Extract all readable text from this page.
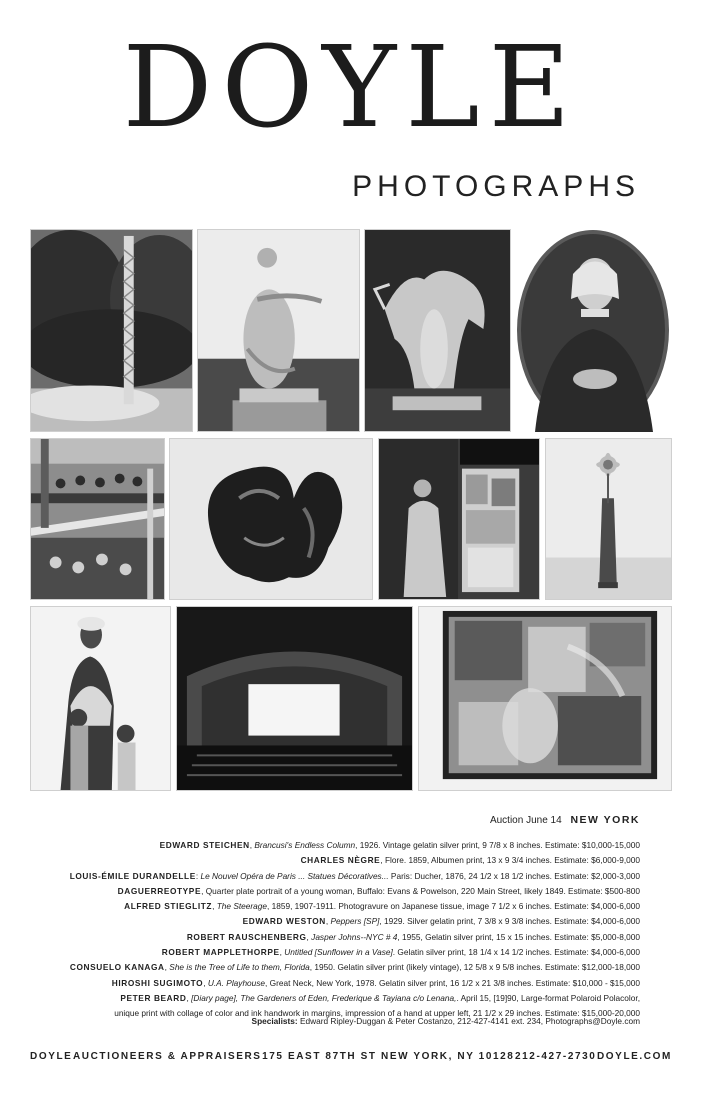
DOYLE
PHOTOGRAPHS
Auction June 14 NEW YORK
EDWARD STEICHEN, Brancusi's Endless Column, 1926. Vintage gelatin silver print, 9 7/8 x 8 inches. Estimate: $10,000-15,000
CHARLES NÈGRE, Flore. 1859, Albumen print, 13 x 9 3/4 inches. Estimate: $6,000-9,000
LOUIS-ÉMILE DURANDELLE: Le Nouvel Opéra de Paris ... Statues Décoratives... Paris: Ducher, 1876, 24 1/2 x 18 1/2 inches. Estimate: $2,000-3,000
DAGUERREOTYPE, Quarter plate portrait of a young woman, Buffalo: Evans & Powelson, 220 Main Street, likely 1849. Estimate: $500-800
ALFRED STIEGLITZ, The Steerage, 1859, 1907-1911. Photogravure on Japanese tissue, image 7 1/2 x 6 inches. Estimate: $4,000-6,000
EDWARD WESTON, Peppers [SP], 1929. Silver gelatin print, 7 3/8 x 9 3/8 inches. Estimate: $4,000-6,000
ROBERT RAUSCHENBERG, Jasper Johns--NYC # 4, 1955, Gelatin silver print, 15 x 15 inches. Estimate: $5,000-8,000
ROBERT MAPPLETHORPE, Untitled [Sunflower in a Vase]. Gelatin silver print, 18 1/4 x 14 1/2 inches. Estimate: $4,000-6,000
CONSUELO KANAGA, She is the Tree of Life to them, Florida, 1950. Gelatin silver print (likely vintage), 12 5/8 x 9 5/8 inches. Estimate: $12,000-18,000
HIROSHI SUGIMOTO, U.A. Playhouse, Great Neck, New York, 1978. Gelatin silver print, 16 1/2 x 21 3/8 inches. Estimate: $10,000 - $15,000
PETER BEARD, [Diary page], The Gardeners of Eden, Frederique & Tayiana c/o Lenana,. April 15, [19]90, Large-format Polaroid Polacolor,
unique print with collage of color and ink handwork in margins, impression of a hand at upper left, 21 1/2 x 29 inches. Estimate: $15,000-20,000
Specialists: Edward Ripley-Duggan & Peter Costanzo, 212-427-4141 ext. 234, Photographs@Doyle.com
DOYLE AUCTIONEERS & APPRAISERS 175 EAST 87TH ST NEW YORK, NY 10128 212-427-2730 DOYLE.COM
